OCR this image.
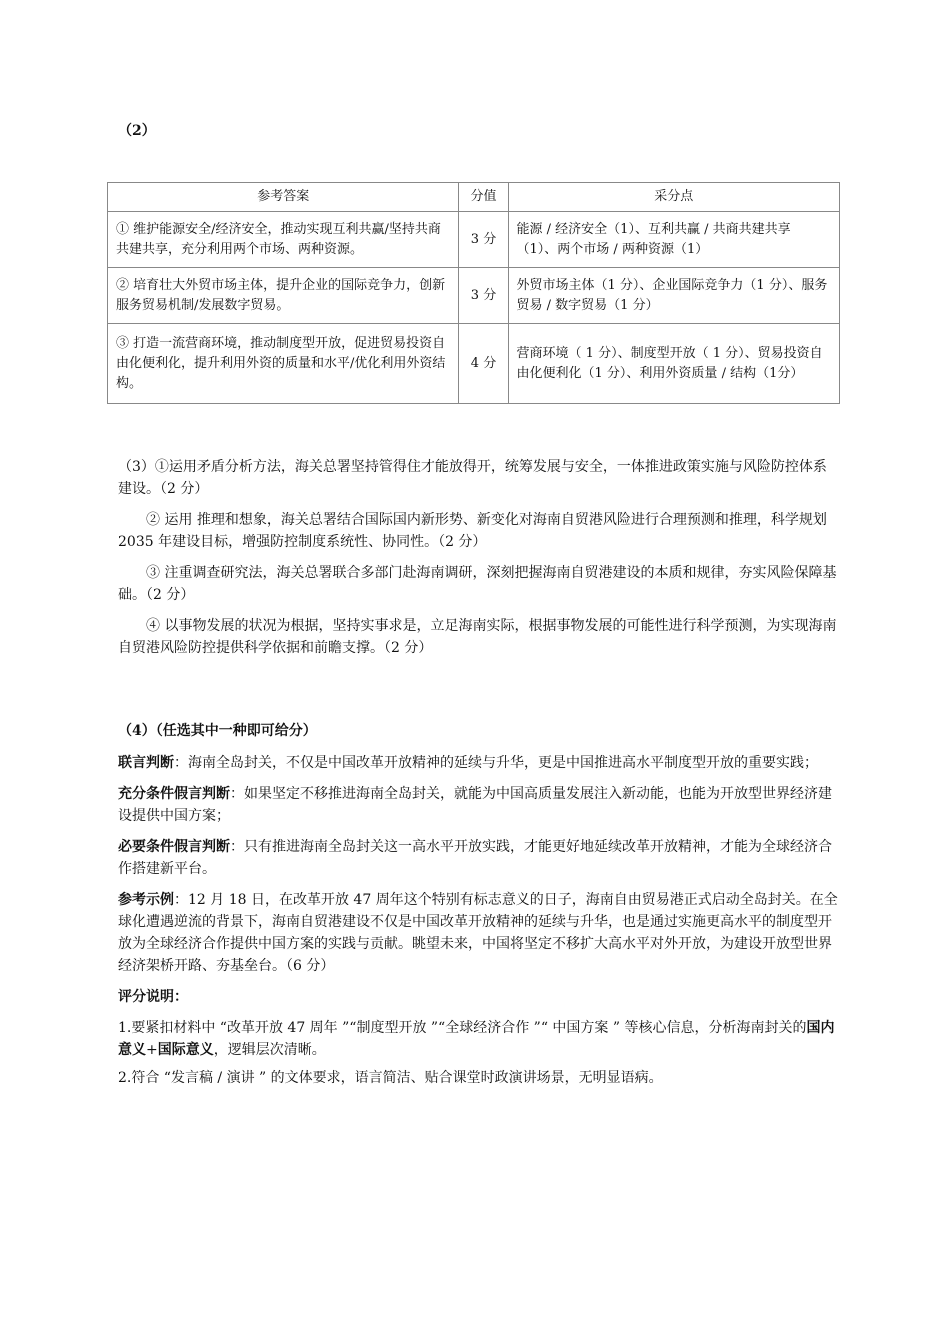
（2）
参考答案	分值	采分点
① 维护能源安全/经济安全，推动实现互利共赢/坚持共商共建共享，充分利用两个市场、两种资源。	3 分	能源 / 经济安全（1）、互利共赢 / 共商共建共享（1）、两个市场 / 两种资源（1）
② 培育壮大外贸市场主体，提升企业的国际竞争力，创新服务贸易机制/发展数字贸易。	3 分	外贸市场主体（1 分）、企业国际竞争力（1 分）、服务贸易 / 数字贸易（1 分）
③ 打造一流营商环境，推动制度型开放，促进贸易投资自由化便利化，提升利用外资的质量和水平/优化利用外资结构。	4 分	营商环境（ 1 分）、制度型开放（ 1 分）、贸易投资自由化便利化（1 分）、利用外资质量 / 结构（1分）

（3）①运用矛盾分析方法，海关总署坚持管得住才能放得开，统筹发展与安全，一体推进政策实施与风险防控体系建设。（2 分）

② 运用 推理和想象，海关总署结合国际国内新形势、新变化对海南自贸港风险进行合理预测和推理，科学规划 2035 年建设目标，增强防控制度系统性、协同性。（2 分）

③ 注重调查研究法，海关总署联合多部门赴海南调研，深刻把握海南自贸港建设的本质和规律，夯实风险保障基础。（2 分）

④ 以事物发展的状况为根据，坚持实事求是，立足海南实际，根据事物发展的可能性进行科学预测，为实现海南自贸港风险防控提供科学依据和前瞻支撑。（2 分）

（4）（任选其中一种即可给分）

联言判断：海南全岛封关，不仅是中国改革开放精神的延续与升华，更是中国推进高水平制度型开放的重要实践；

充分条件假言判断：如果坚定不移推进海南全岛封关，就能为中国高质量发展注入新动能，也能为开放型世界经济建设提供中国方案；

必要条件假言判断：只有推进海南全岛封关这一高水平开放实践，才能更好地延续改革开放精神，才能为全球经济合作搭建新平台。

参考示例：12 月 18 日，在改革开放 47 周年这个特别有标志意义的日子，海南自由贸易港正式启动全岛封关。在全球化遭遇逆流的背景下，海南自贸港建设不仅是中国改革开放精神的延续与升华，也是通过实施更高水平的制度型开放为全球经济合作提供中国方案的实践与贡献。眺望未来，中国将坚定不移扩大高水平对外开放，为建设开放型世界经济架桥开路、夯基垒台。（6 分）

评分说明：

1.要紧扣材料中 “改革开放 47 周年 ”“制度型开放 ”“全球经济合作 ”“ 中国方案 ” 等核心信息，分析海南封关的国内意义+国际意义，逻辑层次清晰。

2.符合 “发言稿 / 演讲 ” 的文体要求，语言简洁、贴合课堂时政演讲场景，无明显语病。
